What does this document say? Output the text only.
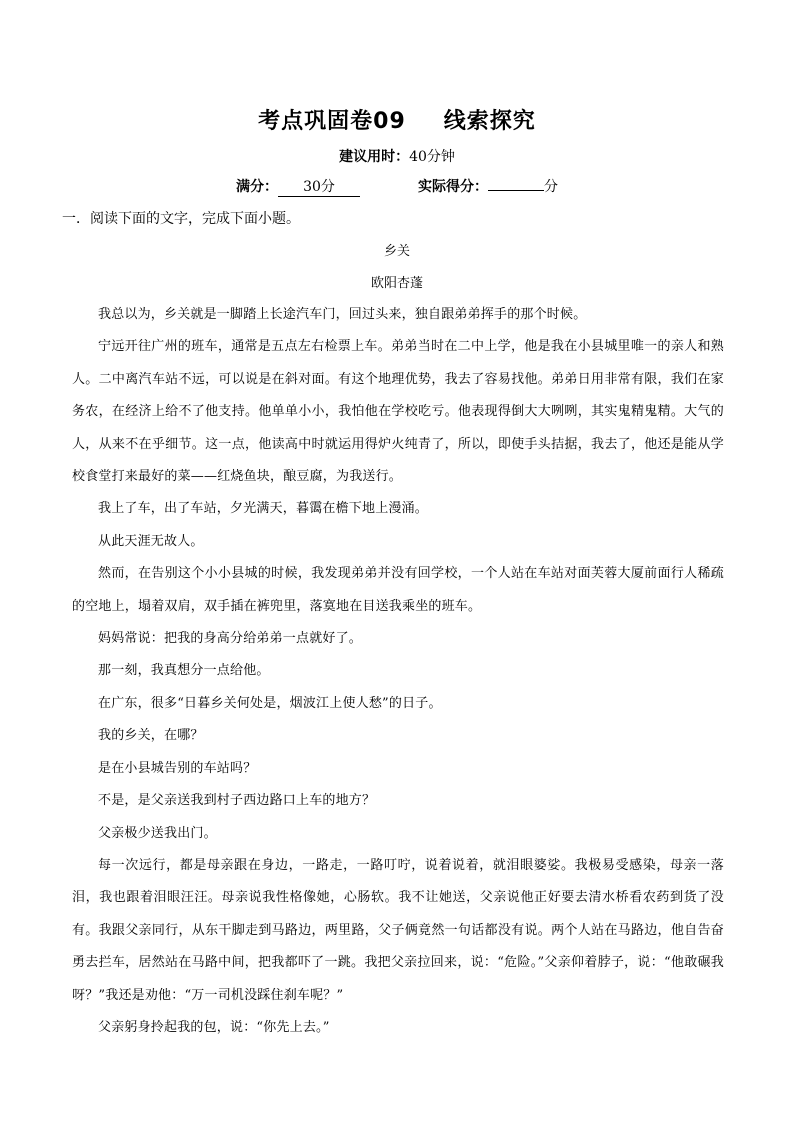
考点巩固卷09 线索探究
建议用时：40分钟
满分： 30分	实际得分：	分
一．阅读下面的文字，完成下面小题。
乡关
欧阳杏蓬

我总以为，乡关就是一脚踏上长途汽车门，回过头来，独自跟弟弟挥手的那个时候。

宁远开往广州的班车，通常是五点左右检票上车。弟弟当时在二中上学，他是我在小县城里唯一的亲人和熟人。二中离汽车站不远，可以说是在斜对面。有这个地理优势，我去了容易找他。弟弟日用非常有限，我们在家务农，在经济上给不了他支持。他单单小小，我怕他在学校吃亏。他表现得倒大大咧咧，其实鬼精鬼精。大气的人，从来不在乎细节。这一点，他读高中时就运用得炉火纯青了，所以，即使手头拮据，我去了，他还是能从学校食堂打来最好的菜——红烧鱼块，酿豆腐，为我送行。

我上了车，出了车站，夕光满天，暮霭在檐下地上漫涌。

从此天涯无故人。

然而，在告别这个小小县城的时候，我发现弟弟并没有回学校，一个人站在车站对面芙蓉大厦前面行人稀疏的空地上，塌着双肩，双手插在裤兜里，落寞地在目送我乘坐的班车。

妈妈常说：把我的身高分给弟弟一点就好了。

那一刻，我真想分一点给他。

在广东，很多“日暮乡关何处是，烟波江上使人愁”的日子。

我的乡关，在哪？

是在小县城告别的车站吗？

不是，是父亲送我到村子西边路口上车的地方？

父亲极少送我出门。

每一次远行，都是母亲跟在身边，一路走，一路叮咛，说着说着，就泪眼婆娑。我极易受感染，母亲一落泪，我也跟着泪眼汪汪。母亲说我性格像她，心肠软。我不让她送，父亲说他正好要去清水桥看农药到货了没有。我跟父亲同行，从东干脚走到马路边，两里路，父子俩竟然一句话都没有说。两个人站在马路边，他自告奋勇去拦车，居然站在马路中间，把我都吓了一跳。我把父亲拉回来，说：“危险。”父亲仰着脖子，说：“他敢碾我呀？”我还是劝他：“万一司机没踩住刹车呢？”

父亲躬身拎起我的包，说：“你先上去。”
